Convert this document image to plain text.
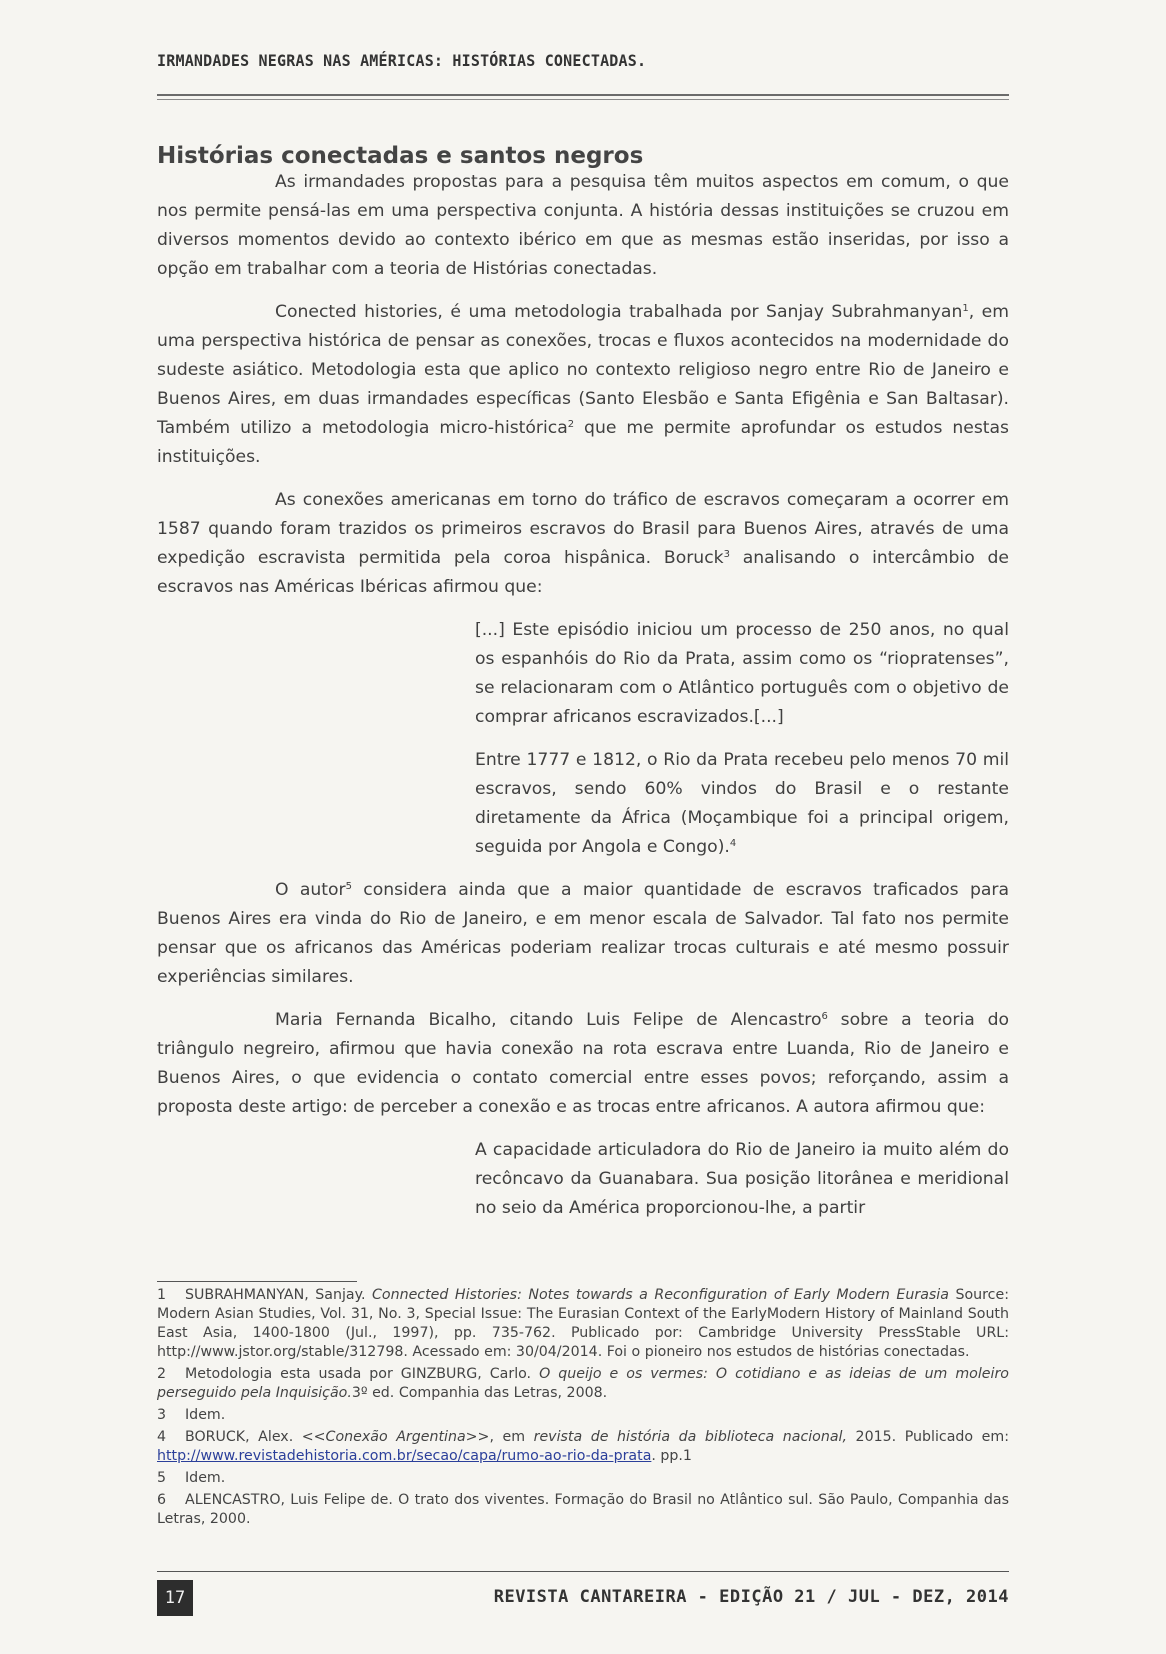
IRMANDADES NEGRAS NAS AMÉRICAS: HISTÓRIAS CONECTADAS.
Histórias conectadas e santos negros

As irmandades propostas para a pesquisa têm muitos aspectos em comum, o que nos permite pensá-las em uma perspectiva conjunta. A história dessas instituições se cruzou em diversos momentos devido ao contexto ibérico em que as mesmas estão inseridas, por isso a opção em trabalhar com a teoria de Histórias conectadas.

Conected histories, é uma metodologia trabalhada por Sanjay Subrahmanyan$^1$, em uma perspectiva histórica de pensar as conexões, trocas e fluxos acontecidos na modernidade do sudeste asiático. Metodologia esta que aplico no contexto religioso negro entre Rio de Janeiro e Buenos Aires, em duas irmandades específicas (Santo Elesbão e Santa Efigênia e San Baltasar). Também utilizo a metodologia micro-histórica$^2$ que me permite aprofundar os estudos nestas instituições.

As conexões americanas em torno do tráfico de escravos começaram a ocorrer em 1587 quando foram trazidos os primeiros escravos do Brasil para Buenos Aires, através de uma expedição escravista permitida pela coroa hispânica. Boruck$^3$ analisando o intercâmbio de escravos nas Américas Ibéricas afirmou que:

[...] Este episódio iniciou um processo de 250 anos, no qual os espanhóis do Rio da Prata, assim como os “riopratenses”, se relacionaram com o Atlântico português com o objetivo de comprar africanos escravizados.[...]

Entre 1777 e 1812, o Rio da Prata recebeu pelo menos 70 mil escravos, sendo 60% vindos do Brasil e o restante diretamente da África (Moçambique foi a principal origem, seguida por Angola e Congo).$^4$

O autor$^5$ considera ainda que a maior quantidade de escravos traficados para Buenos Aires era vinda do Rio de Janeiro, e em menor escala de Salvador. Tal fato nos permite pensar que os africanos das Américas poderiam realizar trocas culturais e até mesmo possuir experiências similares.

Maria Fernanda Bicalho, citando Luis Felipe de Alencastro$^6$ sobre a teoria do triângulo negreiro, afirmou que havia conexão na rota escrava entre Luanda, Rio de Janeiro e Buenos Aires, o que evidencia o contato comercial entre esses povos; reforçando, assim a proposta deste artigo: de perceber a conexão e as trocas entre africanos. A autora afirmou que:

A capacidade articuladora do Rio de Janeiro ia muito além do recôncavo da Guanabara. Sua posição litorânea e meridional no seio da América proporcionou-lhe, a partir

1 SUBRAHMANYAN, Sanjay. Connected Histories: Notes towards a Reconfiguration of Early Modern Eurasia Source: Modern Asian Studies, Vol. 31, No. 3, Special Issue: The Eurasian Context of the EarlyModern History of Mainland South East Asia, 1400-1800 (Jul., 1997), pp. 735-762. Publicado por: Cambridge University PressStable URL: http://www.jstor.org/stable/312798. Acessado em: 30/04/2014. Foi o pioneiro nos estudos de histórias conectadas.

2 Metodologia esta usada por GINZBURG, Carlo. O queijo e os vermes: O cotidiano e as ideias de um moleiro perseguido pela Inquisição.3º ed. Companhia das Letras, 2008.

3 Idem.

4 BORUCK, Alex. <<Conexão Argentina>>, em revista de história da biblioteca nacional, 2015. Publicado em: http://www.revistadehistoria.com.br/secao/capa/rumo-ao-rio-da-prata. pp.1

5 Idem.

6 ALENCASTRO, Luis Felipe de. O trato dos viventes. Formação do Brasil no Atlântico sul. São Paulo, Companhia das Letras, 2000.

17	REVISTA CANTAREIRA - EDIÇÃO 21 / JUL - DEZ, 2014
